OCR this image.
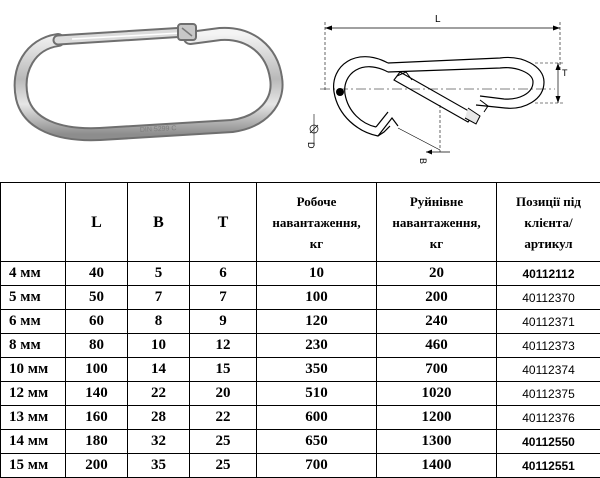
DIN 5299 C
L
T
D
B
	L	B	T	Робоче
навантаження,
кг	Руйнівне
навантаження,
кг	Позиції під
клієнта/
артикул
4 мм	40	5	6	10	20	40112112
5 мм	50	7	7	100	200	40112370
6 мм	60	8	9	120	240	40112371
8 мм	80	10	12	230	460	40112373
10 мм	100	14	15	350	700	40112374
12 мм	140	22	20	510	1020	40112375
13 мм	160	28	22	600	1200	40112376
14 мм	180	32	25	650	1300	40112550
15 мм	200	35	25	700	1400	40112551
